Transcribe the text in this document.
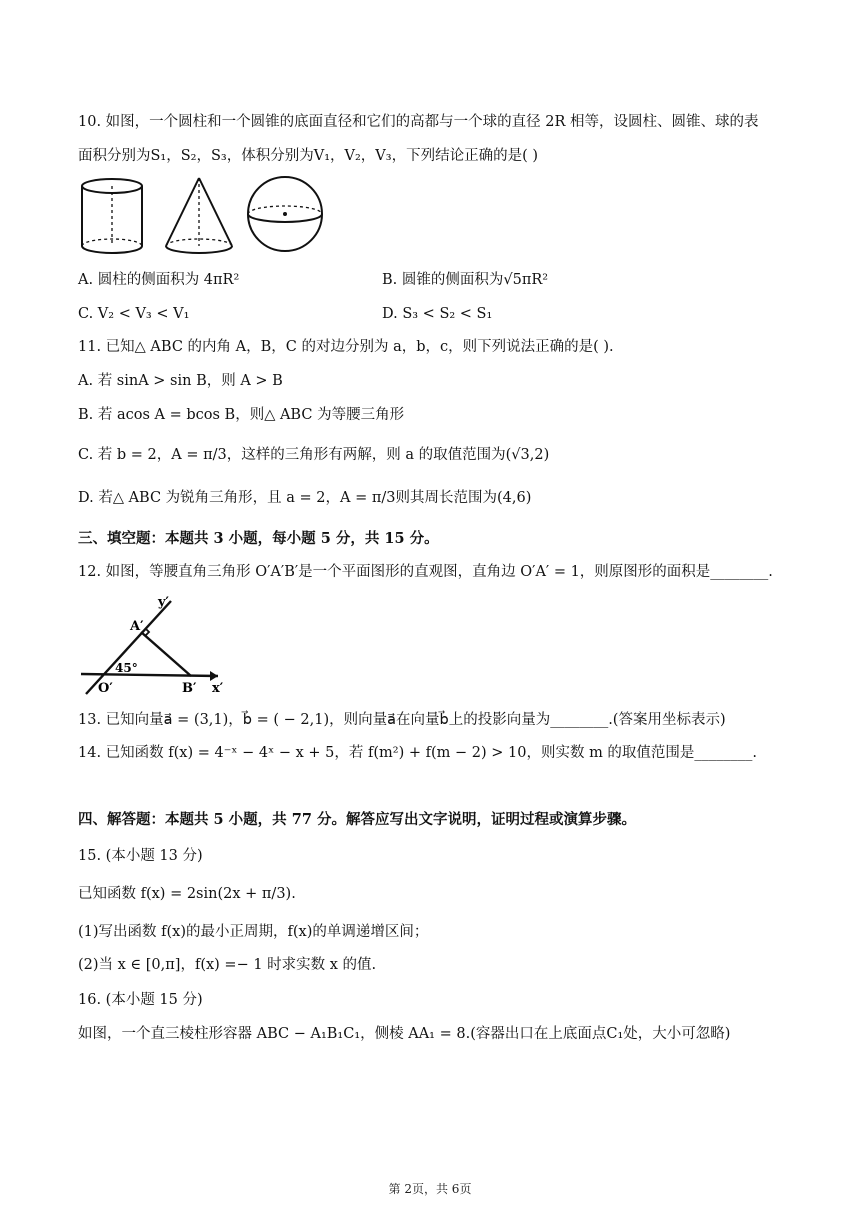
10. 如图，一个圆柱和一个圆锥的底面直径和它们的高都与一个球的直径 2R 相等，设圆柱、圆锥、球的表
面积分别为S₁，S₂，S₃，体积分别为V₁，V₂，V₃，下列结论正确的是( )
A. 圆柱的侧面积为 4πR²	B. 圆锥的侧面积为√5πR²
C. V₂ < V₃ < V₁	D. S₃ < S₂ < S₁
11. 已知△ ABC 的内角 A，B，C 的对边分别为 a，b，c，则下列说法正确的是( ).
A. 若 sinA > sin B，则 A > B
B. 若 acos A = bcos B，则△ ABC 为等腰三角形
C. 若 b = 2，A = π/3，这样的三角形有两解，则 a 的取值范围为(√3,2)
D. 若△ ABC 为锐角三角形，且 a = 2，A = π/3则其周长范围为(4,6)
三、填空题：本题共 3 小题，每小题 5 分，共 15 分。
12. 如图，等腰直角三角形 O′A′B′是一个平面图形的直观图，直角边 O′A′ = 1，则原图形的面积是________.
y′
A′
45°
O′	B′ x′
13. 已知向量a⃗ = (3,1)，b⃗ = ( − 2,1)，则向量a⃗在向量b⃗上的投影向量为________.(答案用坐标表示)
14. 已知函数 f(x) = 4⁻ˣ − 4ˣ − x + 5，若 f(m²) + f(m − 2) > 10，则实数 m 的取值范围是________.
四、解答题：本题共 5 小题，共 77 分。解答应写出文字说明，证明过程或演算步骤。
15. (本小题 13 分)
已知函数 f(x) = 2sin(2x + π/3).
(1)写出函数 f(x)的最小正周期，f(x)的单调递增区间；
(2)当 x ∈ [0,π]，f(x) =− 1 时求实数 x 的值.
16. (本小题 15 分)
如图，一个直三棱柱形容器 ABC − A₁B₁C₁，侧棱 AA₁ = 8.(容器出口在上底面点C₁处，大小可忽略)
第 2页，共 6页
